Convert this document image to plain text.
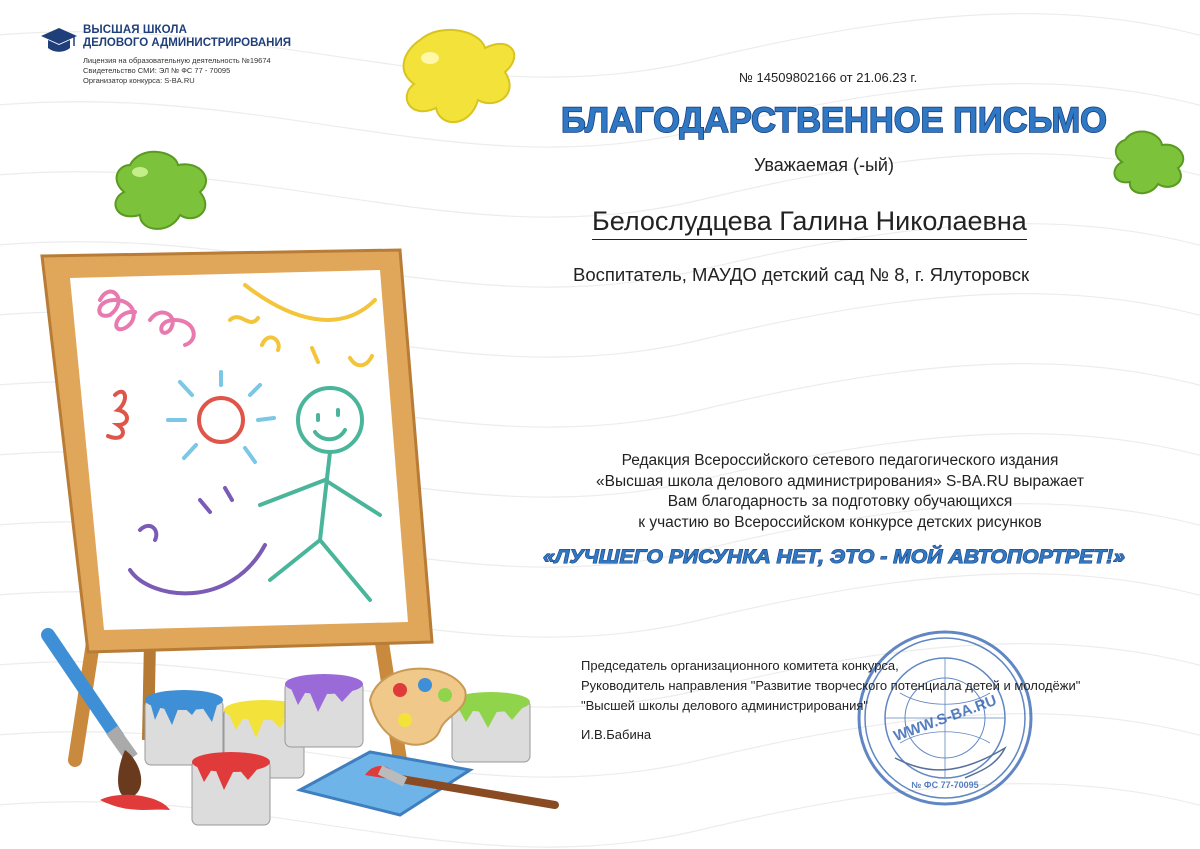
ВЫСШАЯ ШКОЛА
ДЕЛОВОГО АДМИНИСТРИРОВАНИЯ
Лицензия на образовательную деятельность №19674
Свидетельство СМИ: ЭЛ № ФС 77 - 70095
Организатор конкурса: S-BA.RU	№ 14509802166 от 21.06.23 г.
БЛАГОДАРСТВЕННОЕ ПИСЬМО
Уважаемая (-ый)
Белослудцева Галина Николаевна
Воспитатель, МАУДО детский сад № 8, г. Ялуторовск
Редакция Всероссийского сетевого педагогического издания
«Высшая школа делового администрирования» S-BA.RU выражает
Вам благодарность за подготовку обучающихся
к участию во Всероссийском конкурсе детских рисунков
«ЛУЧШЕГО РИСУНКА НЕТ, ЭТО - МОЙ АВТОПОРТРЕТ!»
WWW.S-BA.RU
№ ФС 77-70095
Председатель организационного комитета конкурса,
Руководитель направления "Развитие творческого потенциала детей и молодёжи"
"Высшей школы делового администрирования"
И.В.Бабина
